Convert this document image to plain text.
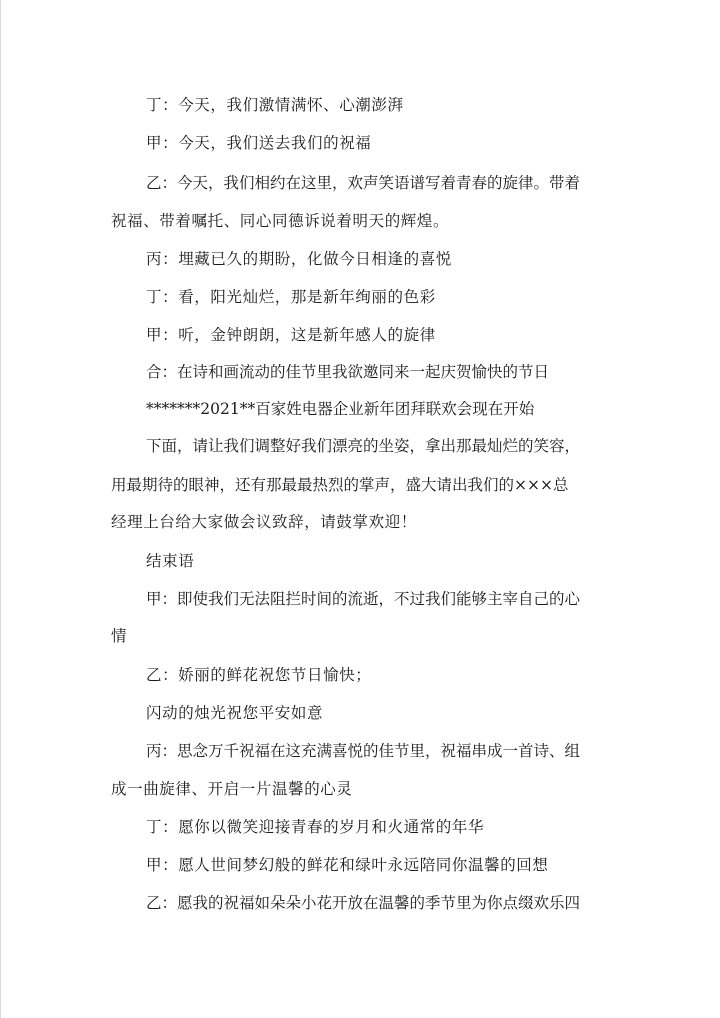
丁：今天，我们激情满怀、心潮澎湃
甲：今天，我们送去我们的祝福
乙：今天，我们相约在这里，欢声笑语谱写着青春的旋律。带着
祝福、带着嘱托、同心同德诉说着明天的辉煌。
丙：埋藏已久的期盼，化做今日相逢的喜悦
丁：看，阳光灿烂，那是新年绚丽的色彩
甲：听，金钟朗朗，这是新年感人的旋律
合：在诗和画流动的佳节里我欲邀同来一起庆贺愉快的节日
*******2021**百家姓电器企业新年团拜联欢会现在开始
下面，请让我们调整好我们漂亮的坐姿，拿出那最灿烂的笑容，
用最期待的眼神，还有那最最热烈的掌声，盛大请出我们的×××总
经理上台给大家做会议致辞，请鼓掌欢迎！
结束语
甲：即使我们无法阻拦时间的流逝，不过我们能够主宰自己的心
情
乙：娇丽的鲜花祝您节日愉快；
闪动的烛光祝您平安如意
丙：思念万千祝福在这充满喜悦的佳节里，祝福串成一首诗、组
成一曲旋律、开启一片温馨的心灵
丁：愿你以微笑迎接青春的岁月和火通常的年华
甲：愿人世间梦幻般的鲜花和绿叶永远陪同你温馨的回想
乙：愿我的祝福如朵朵小花开放在温馨的季节里为你点缀欢乐四
